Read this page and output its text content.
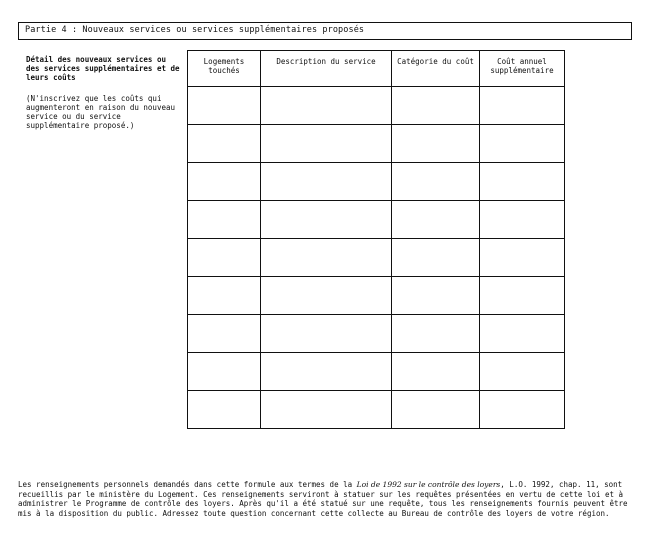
Partie 4 : Nouveaux services ou services supplémentaires proposés
Détail des nouveaux services ou des services supplémentaires et de leurs coûts
(N'inscrivez que les coûts qui augmenteront en raison du nouveau service ou du service supplémentaire proposé.)
Logements touchés	Description du service	Catégorie du coût	Coût annuel supplémentaire

Les renseignements personnels demandés dans cette formule aux termes de la Loi de 1992 sur le contrôle des loyers, L.O. 1992, chap. 11, sont recueillis par le ministère du Logement. Ces renseignements serviront à statuer sur les requêtes présentées en vertu de cette loi et à administrer le Programme de contrôle des loyers. Après qu'il a été statué sur une requête, tous les renseignements fournis peuvent être mis à la disposition du public. Adressez toute question concernant cette collecte au Bureau de contrôle des loyers de votre région.
